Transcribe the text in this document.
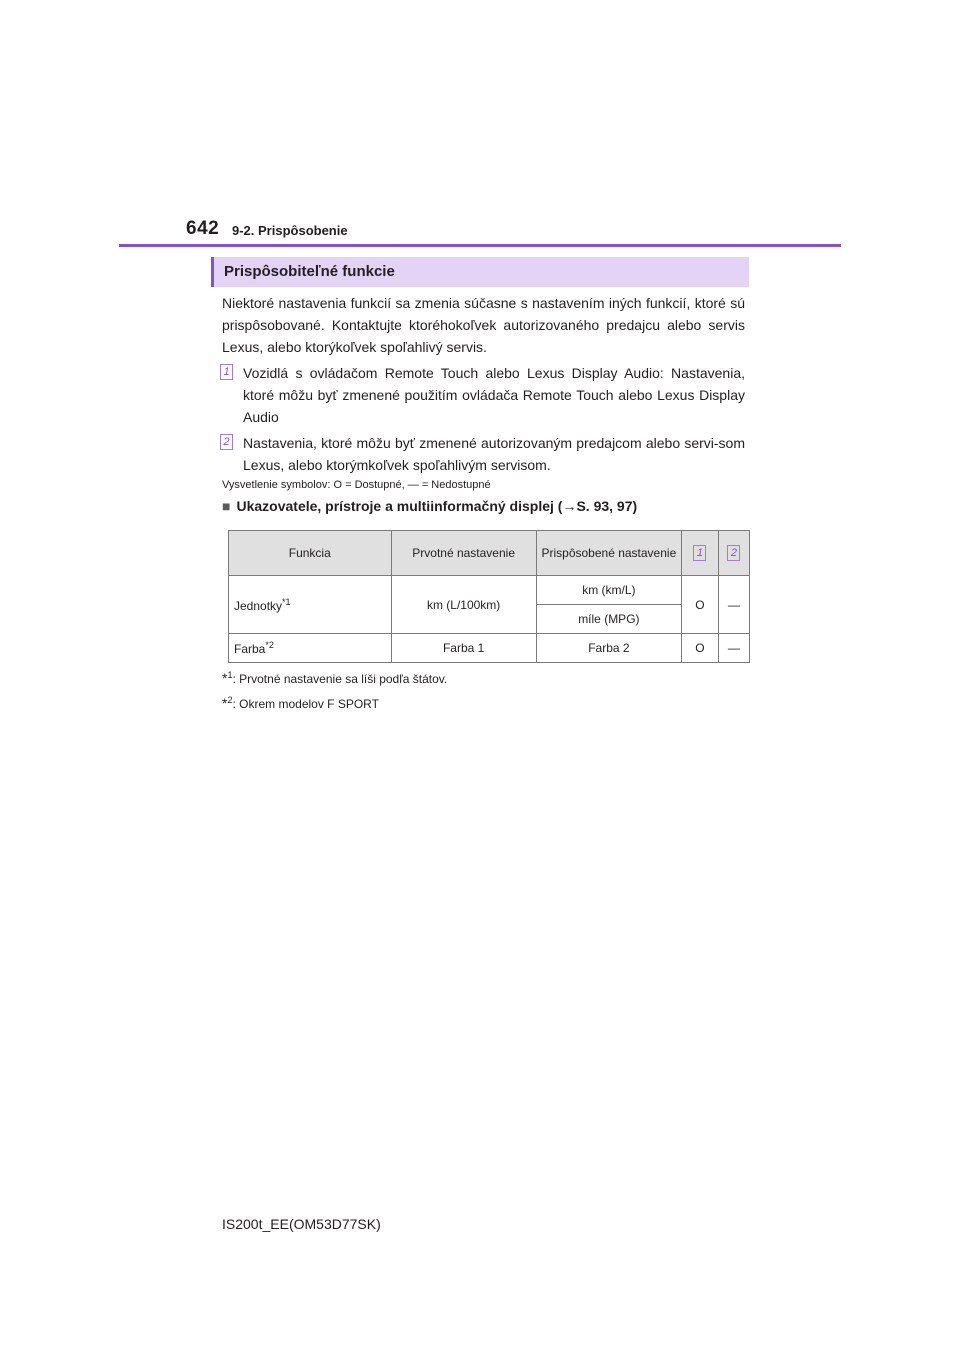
642 9-2. Prispôsobenie
Prispôsobiteľné funkcie
Niektoré nastavenia funkcií sa zmenia súčasne s nastavením iných funkcií, ktoré sú prispôsobované. Kontaktujte ktoréhokoľvek autorizovaného predajcu alebo servis Lexus, alebo ktorýkoľvek spoľahlivý servis.
1 Vozidlá s ovládačom Remote Touch alebo Lexus Display Audio: Nastavenia, ktoré môžu byť zmenené použitím ovládača Remote Touch alebo Lexus Display Audio
2 Nastavenia, ktoré môžu byť zmenené autorizovaným predajcom alebo servi-som Lexus, alebo ktorýmkoľvek spoľahlivým servisom.
Vysvetlenie symbolov: O = Dostupné, — = Nedostupné
■ Ukazovatele, prístroje a multiinformačný displej (→S. 93, 97)
Funkcia	Prvotné nastavenie	Prispôsobené nastavenie	1	2
Jednotky$^{*1}$	km (L/100km)	km (km/L)	O	—
		míle (MPG)		
Farba$^{*2}$	Farba 1	Farba 2	O	—
*$^1$: Prvotné nastavenie sa líši podľa štátov.
*$^2$: Okrem modelov F SPORT
IS200t_EE(OM53D77SK)
